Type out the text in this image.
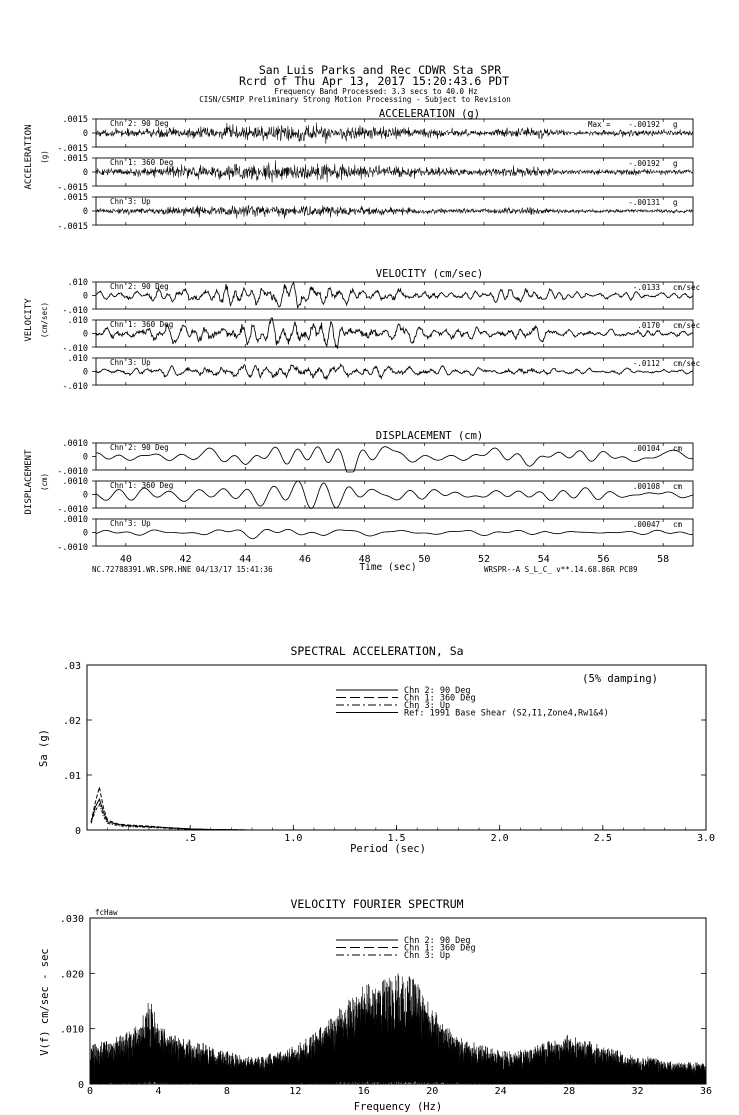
San Luis Parks and Rec CDWR Sta SPR
Rcrd of Thu Apr 13, 2017 15:20:43.6 PDT
Frequency Band Processed: 3.3 secs to 40.0 Hz
CISN/CSMIP Preliminary Strong Motion Processing - Subject to Revision
ACCELERATION (g)
ACCELERATION (g)
.0015
0
-.0015
Chn 2: 90 Deg	Max = -.00192 g
.0015
0
-.0015
Chn 1: 360 Deg	-.00192 g
.0015
0
-.0015
Chn 3: Up	-.00131 g
VELOCITY (cm/sec)
VELOCITY (cm/sec)
.010
0
-.010
Chn 2: 90 Deg	-.0133 cm/sec
.010
0
-.010
Chn 1: 360 Deg	.0170 cm/sec
.010
0
-.010
Chn 3: Up	-.0112 cm/sec
DISPLACEMENT (cm)
DISPLACEMENT (cm)
.0010
0
-.0010
Chn 2: 90 Deg	.00104 cm
.0010
0
-.0010
Chn 1: 360 Deg	.00108 cm
.0010
0
-.0010
Chn 3: Up	.00047 cm
40	42	44	46	48	50	52	54	56	58
Time (sec)
NC.72788391.WR.SPR.HNE 04/13/17 15:41:36	WRSPR--A S_L_C_ v**.14.68.86R PC89
SPECTRAL ACCELERATION, Sa
.5	1.0	1.5	2.0	2.5	3.0
0
.01
.02
.03
Sa (g)
Period (sec)
(5% damping)
Chn 2: 90 Deg
Chn 1: 360 Deg
Chn 3: Up
Ref: 1991 Base Shear (S2,I1,Zone4,Rw1&4)
VELOCITY FOURIER SPECTRUM
fcHaw
0	4	8	12	16	20	24	28	32	36
0
.010
.020
.030
V(f) cm/sec - sec
Frequency (Hz)
Chn 2: 90 Deg
Chn 1: 360 Deg
Chn 3: Up
